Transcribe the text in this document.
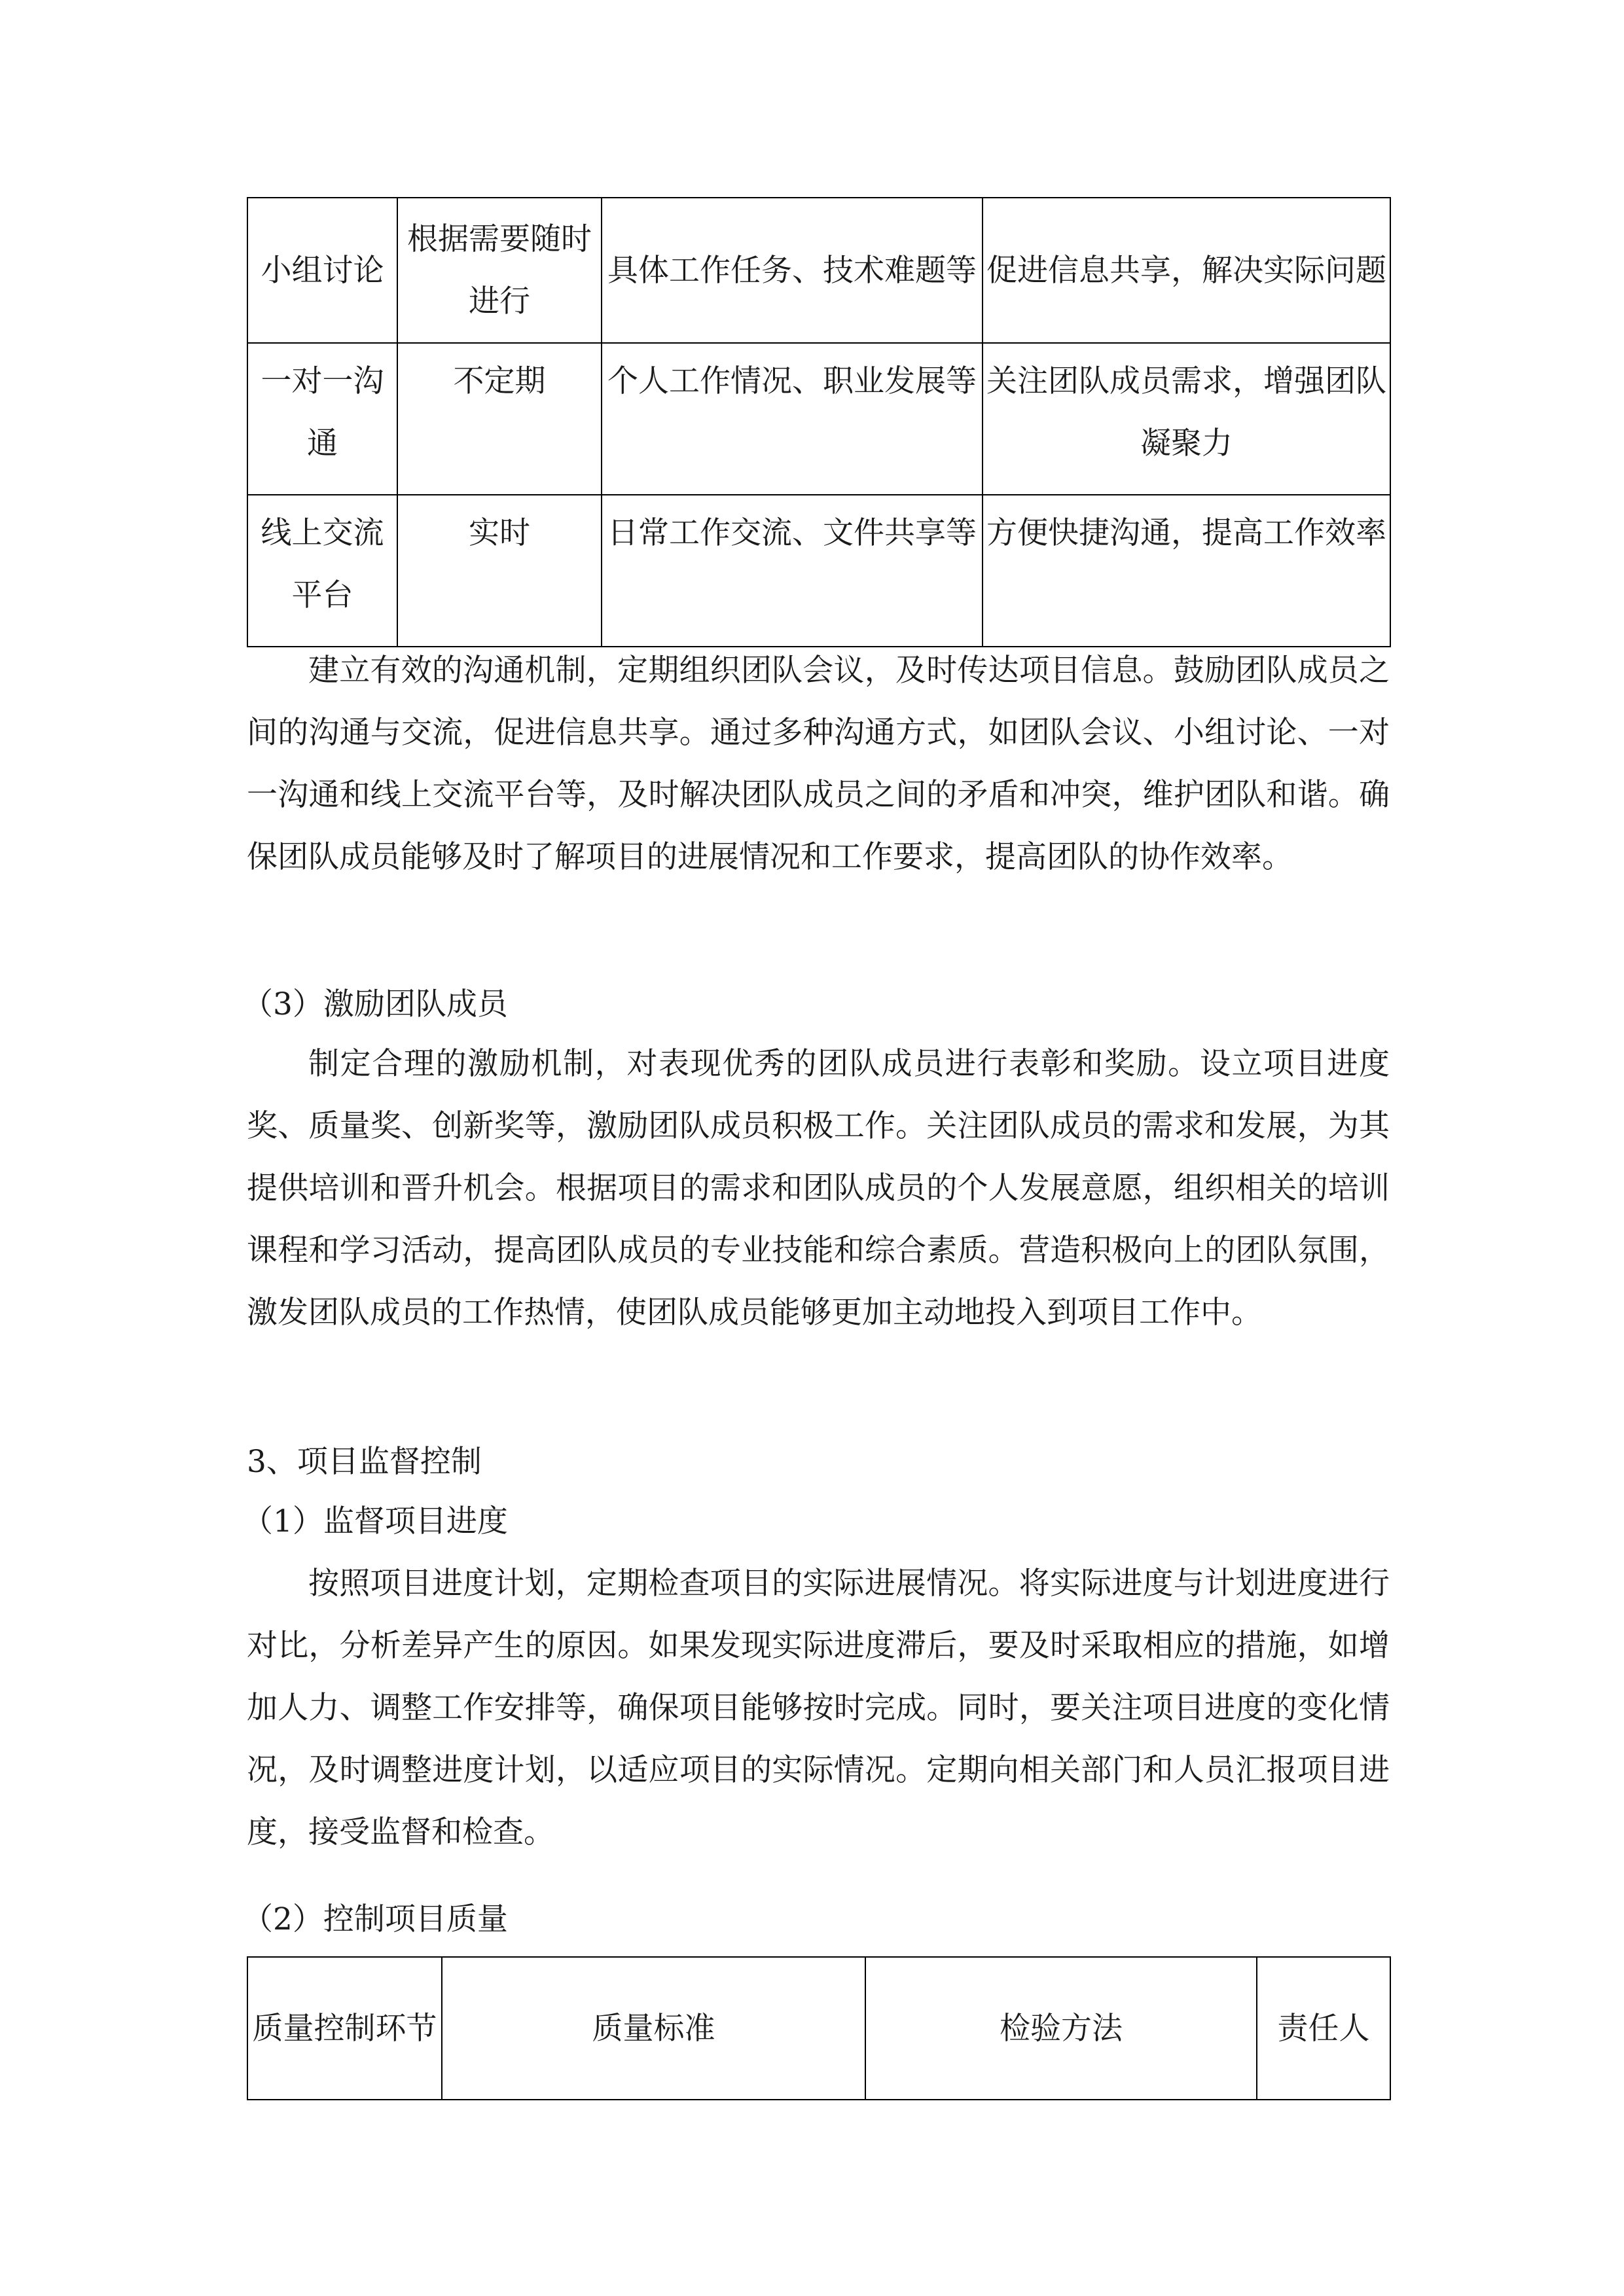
小组讨论	根据需要随时进行	具体工作任务、技术难题等	促进信息共享，解决实际问题
一对一沟通	不定期	个人工作情况、职业发展等	关注团队成员需求，增强团队凝聚力
线上交流平台	实时	日常工作交流、文件共享等	方便快捷沟通，提高工作效率

建立有效的沟通机制，定期组织团队会议，及时传达项目信息。鼓励团队成员之间的沟通与交流，促进信息共享。通过多种沟通方式，如团队会议、小组讨论、一对一沟通和线上交流平台等，及时解决团队成员之间的矛盾和冲突，维护团队和谐。确保团队成员能够及时了解项目的进展情况和工作要求，提高团队的协作效率。

（3）激励团队成员

制定合理的激励机制，对表现优秀的团队成员进行表彰和奖励。设立项目进度奖、质量奖、创新奖等，激励团队成员积极工作。关注团队成员的需求和发展，为其提供培训和晋升机会。根据项目的需求和团队成员的个人发展意愿，组织相关的培训课程和学习活动，提高团队成员的专业技能和综合素质。营造积极向上的团队氛围，激发团队成员的工作热情，使团队成员能够更加主动地投入到项目工作中。

3、项目监督控制
（1）监督项目进度

按照项目进度计划，定期检查项目的实际进展情况。将实际进度与计划进度进行对比，分析差异产生的原因。如果发现实际进度滞后，要及时采取相应的措施，如增加人力、调整工作安排等，确保项目能够按时完成。同时，要关注项目进度的变化情况，及时调整进度计划，以适应项目的实际情况。定期向相关部门和人员汇报项目进度，接受监督和检查。

（2）控制项目质量
质量控制环节	质量标准	检验方法	责任人
